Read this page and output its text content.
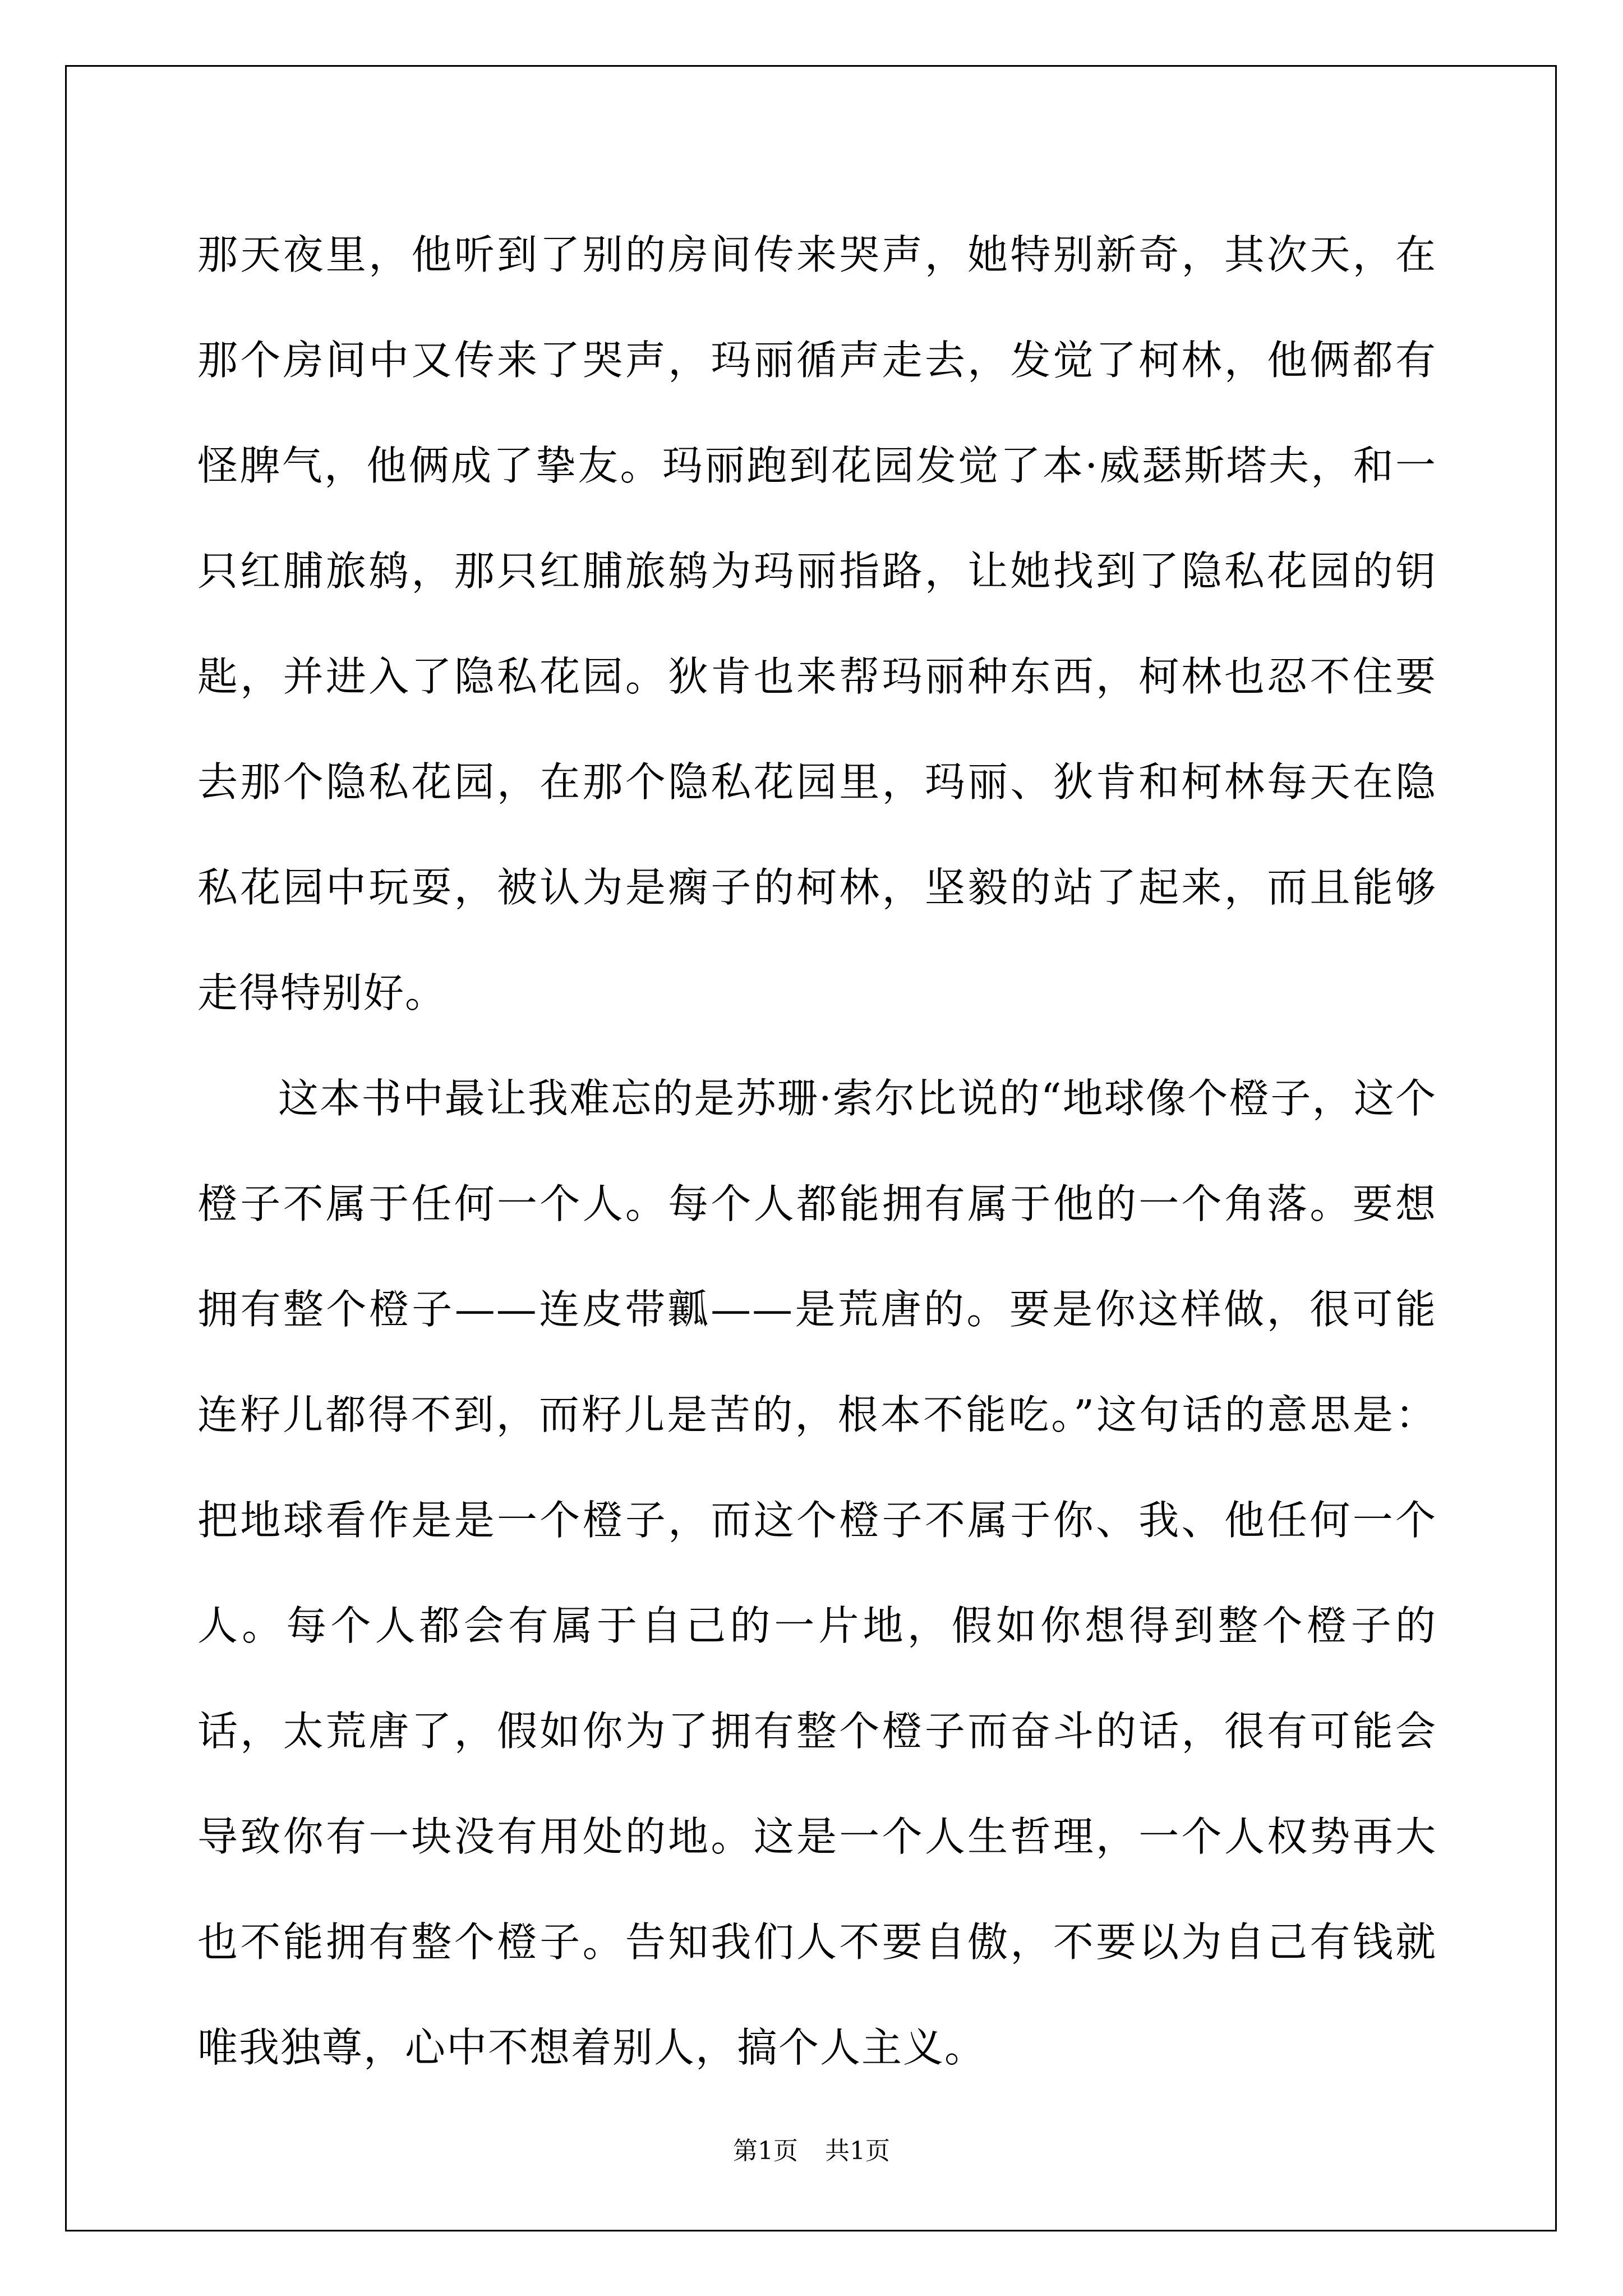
那天夜里，他听到了别的房间传来哭声，她特别新奇，其次天，在那个房间中又传来了哭声，玛丽循声走去，发觉了柯林，他俩都有怪脾气，他俩成了挚友。玛丽跑到花园发觉了本·威瑟斯塔夫，和一只红脯旅鸫，那只红脯旅鸫为玛丽指路，让她找到了隐私花园的钥匙，并进入了隐私花园。狄肯也来帮玛丽种东西，柯林也忍不住要去那个隐私花园，在那个隐私花园里，玛丽、狄肯和柯林每天在隐私花园中玩耍，被认为是瘸子的柯林，坚毅的站了起来，而且能够走得特别好。

这本书中最让我难忘的是苏珊·索尔比说的“地球像个橙子，这个橙子不属于任何一个人。每个人都能拥有属于他的一个角落。要想拥有整个橙子——连皮带瓤——是荒唐的。要是你这样做，很可能连籽儿都得不到，而籽儿是苦的，根本不能吃。”这句话的意思是：把地球看作是是一个橙子，而这个橙子不属于你、我、他任何一个人。每个人都会有属于自己的一片地，假如你想得到整个橙子的话，太荒唐了，假如你为了拥有整个橙子而奋斗的话，很有可能会导致你有一块没有用处的地。这是一个人生哲理，一个人权势再大也不能拥有整个橙子。告知我们人不要自傲，不要以为自己有钱就唯我独尊，心中不想着别人，搞个人主义。

第1页 共1页
